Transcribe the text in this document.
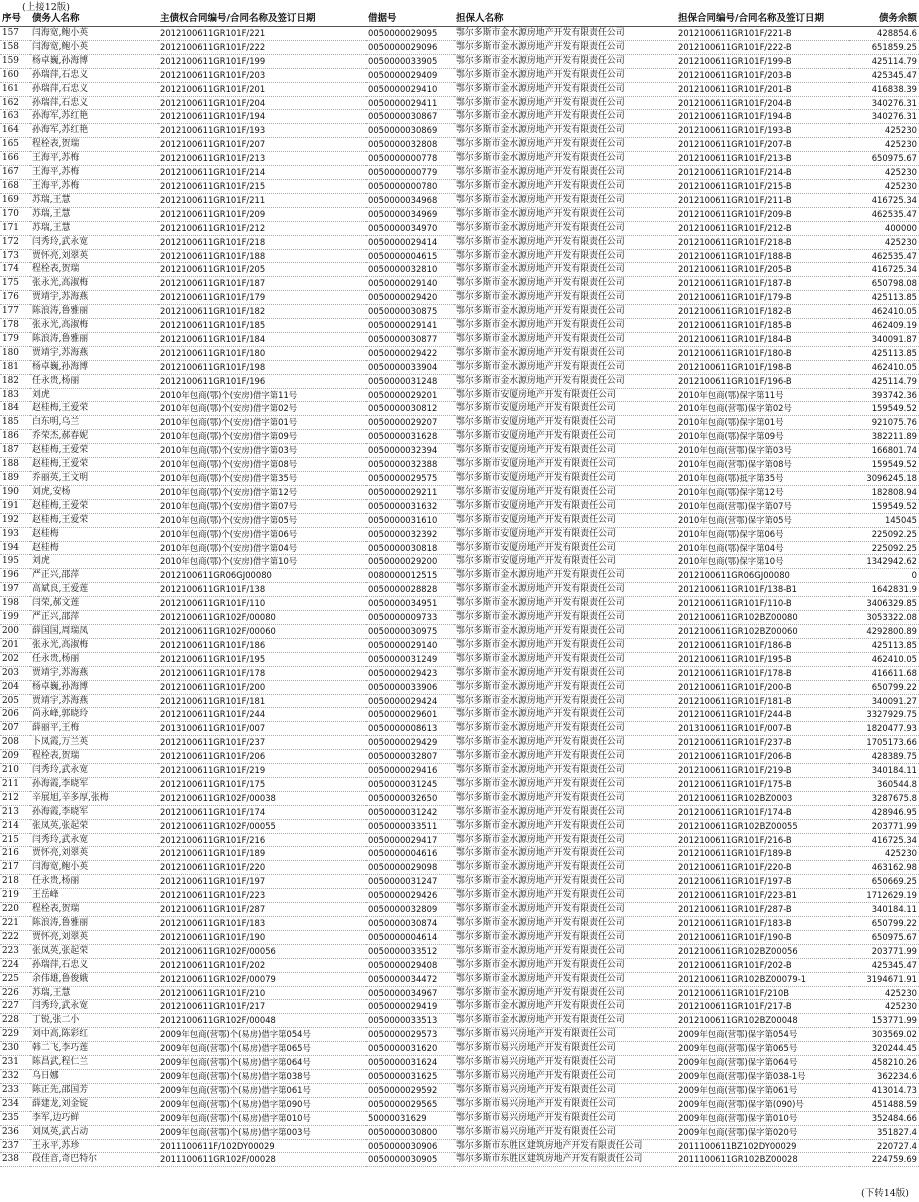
(上接12版)
序号	债务人名称	主债权合同编号/合同名称及签订日期	借据号	担保人名称	担保合同编号/合同名称及签订日期	债务余额
157	闫海宽,鲍小英	2012100611GR101F/221	0050000029095	鄂尔多斯市金水源房地产开发有限责任公司	2012100611GR101F/221-B	428854.6
158	闫海宽,鲍小英	2012100611GR101F/222	0050000029096	鄂尔多斯市金水源房地产开发有限责任公司	2012100611GR101F/222-B	651859.25
159	杨卓巍,孙海博	2012100611GR101F/199	0050000033905	鄂尔多斯市金水源房地产开发有限责任公司	2012100611GR101F/199-B	425114.79
160	孙瑞萍,石忠义	2012100611GR101F/203	0050000029409	鄂尔多斯市金水源房地产开发有限责任公司	2012100611GR101F/203-B	425345.47
161	孙瑞萍,石忠义	2012100611GR101F/201	0050000029410	鄂尔多斯市金水源房地产开发有限责任公司	2012100611GR101F/201-B	416838.39
162	孙瑞萍,石忠义	2012100611GR101F/204	0050000029411	鄂尔多斯市金水源房地产开发有限责任公司	2012100611GR101F/204-B	340276.31
163	孙海军,苏红艳	2012100611GR101F/194	0050000030867	鄂尔多斯市金水源房地产开发有限责任公司	2012100611GR101F/194-B	340276.31
164	孙海军,苏红艳	2012100611GR101F/193	0050000030869	鄂尔多斯市金水源房地产开发有限责任公司	2012100611GR101F/193-B	425230
165	程栓表,贺瑞	2012100611GR101F/207	0050000032808	鄂尔多斯市金水源房地产开发有限责任公司	2012100611GR101F/207-B	425230
166	王海平,苏梅	2012100611GR101F/213	0050000000778	鄂尔多斯市金水源房地产开发有限责任公司	2012100611GR101F/213-B	650975.67
167	王海平,苏梅	2012100611GR101F/214	0050000000779	鄂尔多斯市金水源房地产开发有限责任公司	2012100611GR101F/214-B	425230
168	王海平,苏梅	2012100611GR101F/215	0050000000780	鄂尔多斯市金水源房地产开发有限责任公司	2012100611GR101F/215-B	425230
169	苏瑞,王慧	2012100611GR101F/211	0050000034968	鄂尔多斯市金水源房地产开发有限责任公司	2012100611GR101F/211-B	416725.34
170	苏瑞,王慧	2012100611GR101F/209	0050000034969	鄂尔多斯市金水源房地产开发有限责任公司	2012100611GR101F/209-B	462535.47
171	苏瑞,王慧	2012100611GR101F/212	0050000034970	鄂尔多斯市金水源房地产开发有限责任公司	2012100611GR101F/212-B	400000
172	闫秀玲,武永宽	2012100611GR101F/218	0050000029414	鄂尔多斯市金水源房地产开发有限责任公司	2012100611GR101F/218-B	425230
173	贾怀亮,刘翠英	2012100611GR101F/188	0050000004615	鄂尔多斯市金水源房地产开发有限责任公司	2012100611GR101F/188-B	462535.47
174	程栓表,贺瑞	2012100611GR101F/205	0050000032810	鄂尔多斯市金水源房地产开发有限责任公司	2012100611GR101F/205-B	416725.34
175	张永光,高淑梅	2012100611GR101F/187	0050000029140	鄂尔多斯市金水源房地产开发有限责任公司	2012100611GR101F/187-B	650798.08
176	贾靖宇,苏海燕	2012100611GR101F/179	0050000029420	鄂尔多斯市金水源房地产开发有限责任公司	2012100611GR101F/179-B	425113.85
177	陈浪涛,鲁雅丽	2012100611GR101F/182	0050000030875	鄂尔多斯市金水源房地产开发有限责任公司	2012100611GR101F/182-B	462410.05
178	张永光,高淑梅	2012100611GR101F/185	0050000029141	鄂尔多斯市金水源房地产开发有限责任公司	2012100611GR101F/185-B	462409.19
179	陈浪涛,鲁雅丽	2012100611GR101F/184	0050000030877	鄂尔多斯市金水源房地产开发有限责任公司	2012100611GR101F/184-B	340091.87
180	贾靖宇,苏海燕	2012100611GR101F/180	0050000029422	鄂尔多斯市金水源房地产开发有限责任公司	2012100611GR101F/180-B	425113.85
181	杨卓巍,孙海博	2012100611GR101F/198	0050000033904	鄂尔多斯市金水源房地产开发有限责任公司	2012100611GR101F/198-B	462410.05
182	任永贵,杨丽	2012100611GR101F/196	0050000031248	鄂尔多斯市金水源房地产开发有限责任公司	2012100611GR101F/196-B	425114.79
183	刘虎	2010年包商(鄂)个(安房)借字第11号	0050000029201	鄂尔多斯市安厦房地产开发有限责任公司	2010年包商(鄂)保字第11号	393742.36
184	赵桂梅,王爱荣	2010年包商(鄂)个(安房)借字第02号	0050000030812	鄂尔多斯市安厦房地产开发有限责任公司	2010年包商(营鄂)保字第02号	159549.52
185	白东明,乌兰	2010年包商(鄂)个(安房)借字第01号	0050000029207	鄂尔多斯市安厦房地产开发有限责任公司	2010年包商(鄂)保字第01号	921075.76
186	乔荣杰,郝春妮	2010年包商(鄂)个(安房)借字第09号	0050000031628	鄂尔多斯市安厦房地产开发有限责任公司	2010年包商(鄂)保字第09号	382211.89
187	赵桂梅,王爱荣	2010年包商(鄂)个(安房)借字第03号	0050000032394	鄂尔多斯市安厦房地产开发有限责任公司	2010年包商(营鄂)保字第03号	166801.74
188	赵桂梅,王爱荣	2010年包商(鄂)个(安房)借字第08号	0050000032388	鄂尔多斯市安厦房地产开发有限责任公司	2010年包商(营鄂)保字第08号	159549.52
189	乔丽英,王文明	2010年包商(鄂)个(安房)借字第35号	0050000029575	鄂尔多斯市安厦房地产开发有限责任公司	2010年包商(鄂)抵字第35号	3096245.18
190	刘虎,安杨	2010年包商(鄂)个(安房)借字第12号	0050000029211	鄂尔多斯市安厦房地产开发有限责任公司	2010年包商(鄂)保字第12号	182808.94
191	赵桂梅,王爱荣	2010年包商(鄂)个(安房)借字第07号	0050000031632	鄂尔多斯市安厦房地产开发有限责任公司	2010年包商(营鄂)保字第07号	159549.52
192	赵桂梅,王爱荣	2010年包商(鄂)个(安房)借字第05号	0050000031610	鄂尔多斯市安厦房地产开发有限责任公司	2010年包商(营鄂)保字第05号	145045
193	赵桂梅	2010年包商(鄂)个(安房)借字第06号	0050000032392	鄂尔多斯市安厦房地产开发有限责任公司	2010年包商(鄂)保字第06号	225092.25
194	赵桂梅	2010年包商(鄂)个(安房)借字第04号	0050000030818	鄂尔多斯市安厦房地产开发有限责任公司	2010年包商(鄂)保字第04号	225092.25
195	刘虎	2010年包商(鄂)个(安房)借字第10号	0050000029200	鄂尔多斯市安厦房地产开发有限责任公司	2010年包商(鄂)保字第10号	1342942.62
196	严正兴,邵萍	2012100611GR06GJ00080	0080000012515	鄂尔多斯市金水源房地产开发有限责任公司	2012100611GR06GJ00080	0
197	高斌良,王爱莲	2012100611GR101F/138	0050000028828	鄂尔多斯市金水源房地产开发有限责任公司	2012100611GR101F/138-B1	1642831.9
198	闫荣,郝文莲	2012100611GR101F/110	0050000034951	鄂尔多斯市金水源房地产开发有限责任公司	2012100611GR101F/110-B	3406329.85
199	严正兴,邵萍	2012100611GR102F/00080	0050000009733	鄂尔多斯市金水源房地产开发有限责任公司	2012100611GR102BZ00080	3053322.08
200	薛国国,周瑞凤	2012100611GR102F/00060	0050000030975	鄂尔多斯市金水源房地产开发有限责任公司	2012100611GR102BZ00060	4292800.89
201	张永光,高淑梅	2012100611GR101F/186	0050000029140	鄂尔多斯市金水源房地产开发有限责任公司	2012100611GR101F/186-B	425113.85
202	任永贵,杨丽	2012100611GR101F/195	0050000031249	鄂尔多斯市金水源房地产开发有限责任公司	2012100611GR101F/195-B	462410.05
203	贾靖宇,苏海燕	2012100611GR101F/178	0050000029423	鄂尔多斯市金水源房地产开发有限责任公司	2012100611GR101F/178-B	416611.68
204	杨卓巍,孙海博	2012100611GR101F/200	0050000033906	鄂尔多斯市金水源房地产开发有限责任公司	2012100611GR101F/200-B	650799.22
205	贾靖宇,苏海燕	2012100611GR101F/181	0050000029424	鄂尔多斯市金水源房地产开发有限责任公司	2012100611GR101F/181-B	340091.27
206	尚永峰,郭晓玲	2012100611GR101F/244	0050000029601	鄂尔多斯市金水源房地产开发有限责任公司	2012100611GR101F/244-B	3327929.75
207	薛丽平,王梅	2013100611GR101F/007	0050000008613	鄂尔多斯市金水源房地产开发有限责任公司	2013100611GR101F/007-B	1820477.93
208	卜凤霞,万兰英	2012100611GR101F/237	0050000029429	鄂尔多斯市金水源房地产开发有限责任公司	2012100611GR101F/237-B	1705173.66
209	程栓表,贺瑞	2012100611GR101F/206	0050000032807	鄂尔多斯市金水源房地产开发有限责任公司	2012100611GR101F/206-B	428389.75
210	闫秀玲,武永宽	2012100611GR101F/219	0050000029416	鄂尔多斯市金水源房地产开发有限责任公司	2012100611GR101F/219-B	340184.11
211	孙海霞,李晓军	2012100611GR101F/175	0050000031245	鄂尔多斯市金水源房地产开发有限责任公司	2012100611GR101F/175-B	360544.8
212	辛展旭,辛多厚,张梅	2012100611GR102F/00038	0050000032650	鄂尔多斯市金水源房地产开发有限责任公司	2012100611GR102BZ0003	3287675.8
213	孙海霞,李晓军	2012100611GR101F/174	0050000031242	鄂尔多斯市金水源房地产开发有限责任公司	2012100611GR101F/174-B	428946.95
214	张凤英,张起荣	2012100611GR102F/00055	0050000033511	鄂尔多斯市金水源房地产开发有限责任公司	2012100611GR102BZ00055	203771.99
215	闫秀玲,武永宽	2012100611GR101F/216	0050000029417	鄂尔多斯市金水源房地产开发有限责任公司	2012100611GR101F/216-B	416725.34
216	贾怀亮,刘翠英	2012100611GR101F/189	0050000004616	鄂尔多斯市金水源房地产开发有限责任公司	2012100611GR101F/189-B	425230
217	闫海宽,鲍小英	2012100611GR101F/220	0050000029098	鄂尔多斯市金水源房地产开发有限责任公司	2012100611GR101F/220-B	463162.98
218	任永贵,杨丽	2012100611GR101F/197	0050000031247	鄂尔多斯市金水源房地产开发有限责任公司	2012100611GR101F/197-B	650669.25
219	王岳峰	2012100611GR101F/223	0050000029426	鄂尔多斯市金水源房地产开发有限责任公司	2012100611GR101F/223-B1	1712629.19
220	程栓表,贺瑞	2012100611GR101F/287	0050000032809	鄂尔多斯市金水源房地产开发有限责任公司	2012100611GR101F/287-B	340184.11
221	陈浪涛,鲁雅丽	2012100611GR101F/183	0050000030874	鄂尔多斯市金水源房地产开发有限责任公司	2012100611GR101F/183-B	650799.22
222	贾怀亮,刘翠英	2012100611GR101F/190	0050000004614	鄂尔多斯市金水源房地产开发有限责任公司	2012100611GR101F/190-B	650975.67
223	张凤英,张起荣	2012100611GR102F/00056	0050000033512	鄂尔多斯市金水源房地产开发有限责任公司	2012100611GR102BZ00056	203771.99
224	孙瑞萍,石忠义	2012100611GR101F/202	0050000029408	鄂尔多斯市金水源房地产开发有限责任公司	2012100611GR101F/202-B	425345.47
225	余伟雄,鲁俊娥	2012100611GR102F/00079	0050000034472	鄂尔多斯市金水源房地产开发有限责任公司	2012100611GR102BZ00079-1	3194671.91
226	苏瑞,王慧	2012100611GR101F/210	0050000034967	鄂尔多斯市金水源房地产开发有限责任公司	2012100611GR101F/210B	425230
227	闫秀玲,武永宽	2012100611GR101F/217	0050000029419	鄂尔多斯市金水源房地产开发有限责任公司	2012100611GR101F/217-B	425230
228	丁锐,张二小	2012100611GR102F/00048	0050000033513	鄂尔多斯市金水源房地产开发有限责任公司	2012100611GR102BZ00048	153771.99
229	刘中高,陈彩红	2009年包商(营鄂)个(易房)借字第054号	0050000029573	鄂尔多斯市易兴房地产开发有限责任公司	2009年包商(营鄂)保字第054号	303569.02
230	韩二飞,李巧莲	2009年包商(营鄂)个(易房)借字第065号	0050000031620	鄂尔多斯市易兴房地产开发有限责任公司	2009年包商(营鄂)保字第065号	320244.45
231	陈昌武,程仁兰	2009年包商(营鄂)个(易房)借字第064号	0050000031624	鄂尔多斯市易兴房地产开发有限责任公司	2009年包商(营鄂)保字第064号	458210.26
232	乌日娜	2009年包商(营鄂)个(易房)借字第038号	0050000031625	鄂尔多斯市易兴房地产开发有限责任公司	2009年包商(营鄂)保字第038-1号	362234.6
233	陈正先,邵国芳	2009年包商(营鄂)个(易房)借字第061号	0050000029592	鄂尔多斯市易兴房地产开发有限责任公司	2009年包商(营鄂)保字第061号	413014.73
234	薛建龙,刘金锭	2009年包商(营鄂)个(易房)借字第090号	0050000029565	鄂尔多斯市易兴房地产开发有限责任公司	2009年包商(营鄂)保字第(090)号	451488.59
235	李军,边巧鲜	2009年包商(营鄂)个(易房)借字第010号	50000031629	鄂尔多斯市易兴房地产开发有限责任公司	2009年包商(营鄂)保字第010号	352484.66
236	刘凤英,武占动	2009年包商(营鄂)个(易房)借字第003号	0050000030800	鄂尔多斯市易兴房地产开发有限责任公司	2009年包商(营鄂)保字第020号	351827.4
237	王永平,苏珍	2011100611F/102DY00029	0050000030906	鄂尔多斯市东胜区建筑房地产开发有限责任公司	2011100611BZ102DY00029	220727.4
238	段佳音,奇巴特尔	2011100611GR102F/00028	0050000030905	鄂尔多斯市东胜区建筑房地产开发有限责任公司	2011100611GR102BZ00028	224759.69
(下转14版)
